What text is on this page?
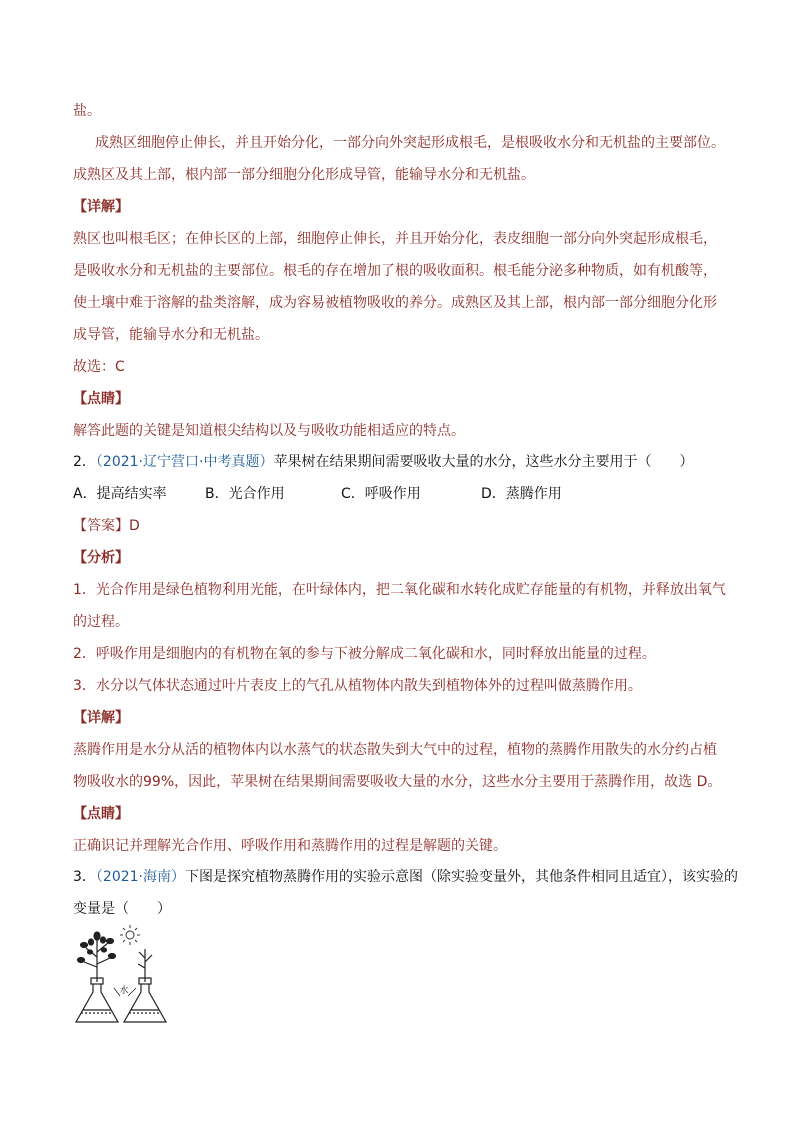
盐。
成熟区细胞停止伸长，并且开始分化，一部分向外突起形成根毛，是根吸收水分和无机盐的主要部位。
成熟区及其上部，根内部一部分细胞分化形成导管，能输导水分和无机盐。
【详解】
熟区也叫根毛区；在伸长区的上部，细胞停止伸长，并且开始分化，表皮细胞一部分向外突起形成根毛，
是吸收水分和无机盐的主要部位。根毛的存在增加了根的吸收面积。根毛能分泌多种物质，如有机酸等，
使土壤中难于溶解的盐类溶解，成为容易被植物吸收的养分。成熟区及其上部，根内部一部分细胞分化形
成导管，能输导水分和无机盐。
故选：C
【点睛】
解答此题的关键是知道根尖结构以及与吸收功能相适应的特点。
2．（2021·辽宁营口·中考真题）苹果树在结果期间需要吸收大量的水分，这些水分主要用于（　　）
A．提高结实率	B．光合作用	C．呼吸作用	D．蒸腾作用
【答案】D
【分析】
1．光合作用是绿色植物利用光能，在叶绿体内，把二氧化碳和水转化成贮存能量的有机物，并释放出氧气
的过程。
2．呼吸作用是细胞内的有机物在氧的参与下被分解成二氧化碳和水，同时释放出能量的过程。
3．水分以气体状态通过叶片表皮上的气孔从植物体内散失到植物体外的过程叫做蒸腾作用。
【详解】
蒸腾作用是水分从活的植物体内以水蒸气的状态散失到大气中的过程，植物的蒸腾作用散失的水分约占植
物吸收水的99%，因此，苹果树在结果期间需要吸收大量的水分，这些水分主要用于蒸腾作用，故选 D。
【点睛】
正确识记并理解光合作用、呼吸作用和蒸腾作用的过程是解题的关键。
3．（2021·海南）下图是探究植物蒸腾作用的实验示意图（除实验变量外，其他条件相同且适宜），该实验的
变量是（　　）
水
